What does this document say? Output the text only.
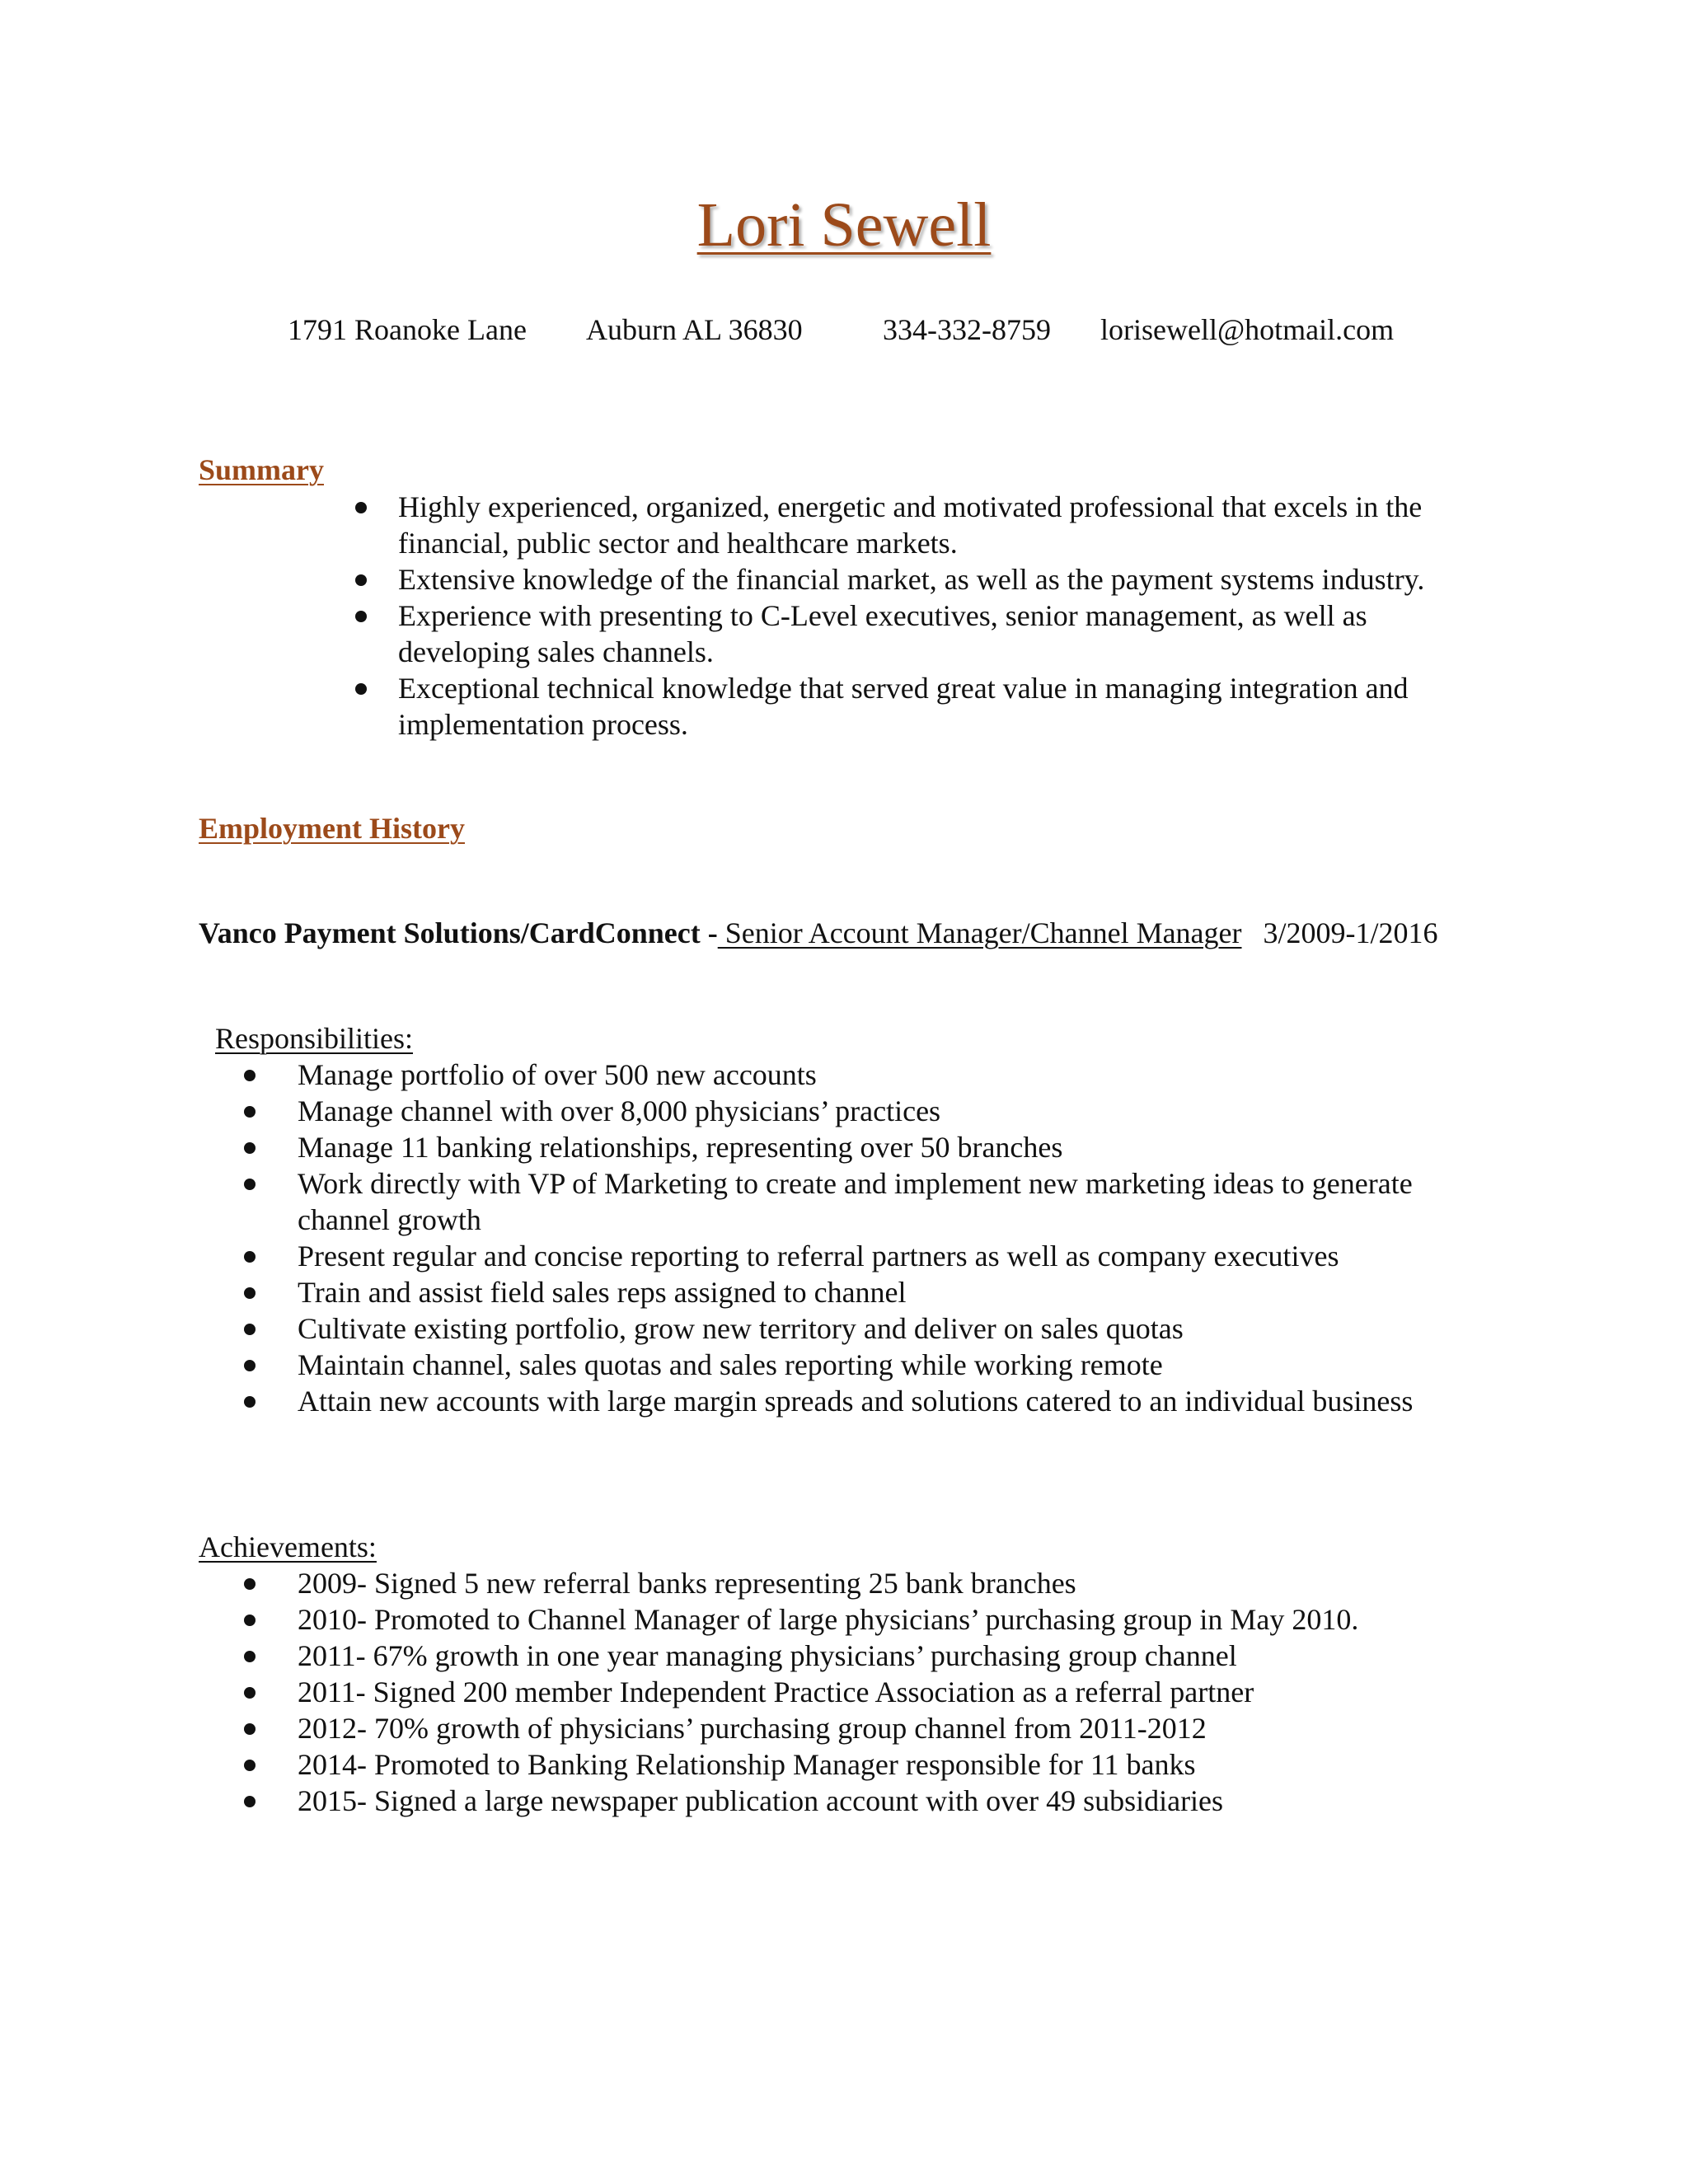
Lori Sewell
1791 Roanoke Lane Auburn AL 36830	334-332-8759 lorisewell@hotmail.com
Summary
Highly experienced, organized, energetic and motivated professional that excels in the financial, public sector and healthcare markets.
Extensive knowledge of the financial market, as well as the payment systems industry.
Experience with presenting to C-Level executives, senior management, as well as developing sales channels.
Exceptional technical knowledge that served great value in managing integration and implementation process.
Employment History
Vanco Payment Solutions/CardConnect - Senior Account Manager/Channel Manager 3/2009-1/2016
Responsibilities:
Manage portfolio of over 500 new accounts
Manage channel with over 8,000 physicians’ practices
Manage 11 banking relationships, representing over 50 branches
Work directly with VP of Marketing to create and implement new marketing ideas to generate channel growth
Present regular and concise reporting to referral partners as well as company executives
Train and assist field sales reps assigned to channel
Cultivate existing portfolio, grow new territory and deliver on sales quotas
Maintain channel, sales quotas and sales reporting while working remote
Attain new accounts with large margin spreads and solutions catered to an individual business
Achievements:
2009- Signed 5 new referral banks representing 25 bank branches
2010- Promoted to Channel Manager of large physicians’ purchasing group in May 2010.
2011- 67% growth in one year managing physicians’ purchasing group channel
2011- Signed 200 member Independent Practice Association as a referral partner
2012- 70% growth of physicians’ purchasing group channel from 2011-2012
2014- Promoted to Banking Relationship Manager responsible for 11 banks
2015- Signed a large newspaper publication account with over 49 subsidiaries
